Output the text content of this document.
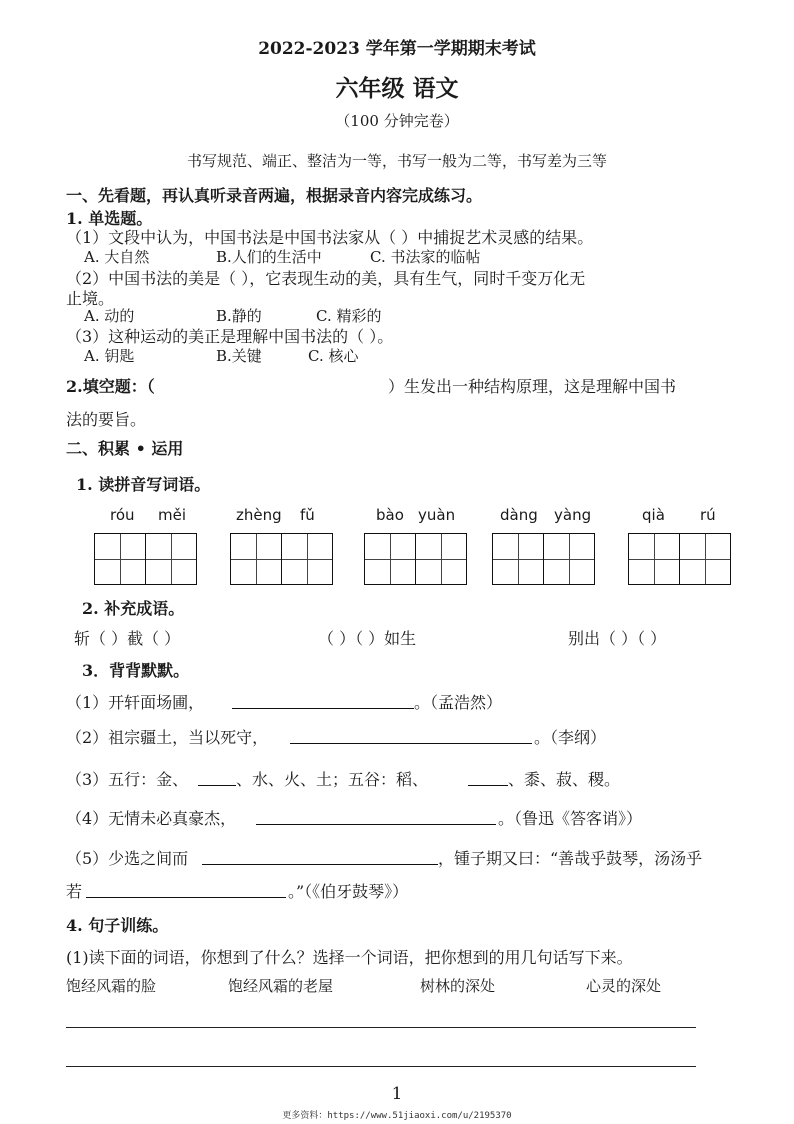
2022-2023 学年第一学期期末考试
六年级 语文
（100 分钟完卷）
书写规范、端正、整洁为一等，书写一般为二等，书写差为三等
一、先看题，再认真听录音两遍，根据录音内容完成练习。
1. 单选题。
（1）文段中认为，中国书法是中国书法家从（ ）中捕捉艺术灵感的结果。
A. 大自然	B.人们的生活中	C. 书法家的临帖
（2）中国书法的美是（ ），它表现生动的美，具有生气，同时千变万化无
止境。
A. 动的	B.静的	C. 精彩的
（3）这种运动的美正是理解中国书法的（ ）。
A. 钥匙	B.关键	C. 核心
2.填空题：（	）生发出一种结构原理，这是理解中国书
法的要旨。
二、积累 • 运用
1. 读拼音写词语。
róu měi	zhèng fǔ	bào yuàn	dàng yàng	qià rú
2. 补充成语。
斩（ ）截（ ）	（ ）（ ）如生	别出（ ）（ ）
3．背背默默。
（1）开轩面场圃，	。（孟浩然）
（2）祖宗疆土，当以死守，	。（李纲）
（3）五行：金、	、水、火、土；五谷：稻、	、黍、菽、稷。
（4）无情未必真豪杰，	。（鲁迅《答客诮》）
（5）少选之间而	，锺子期又曰：“善哉乎鼓琴，汤汤乎
若	。”（《伯牙鼓琴》）
4. 句子训练。
(1)读下面的词语，你想到了什么？选择一个词语，把你想到的用几句话写下来。
饱经风霜的脸	饱经风霜的老屋	树林的深处	心灵的深处
1
更多资料：https://www.51jiaoxi.com/u/2195370
